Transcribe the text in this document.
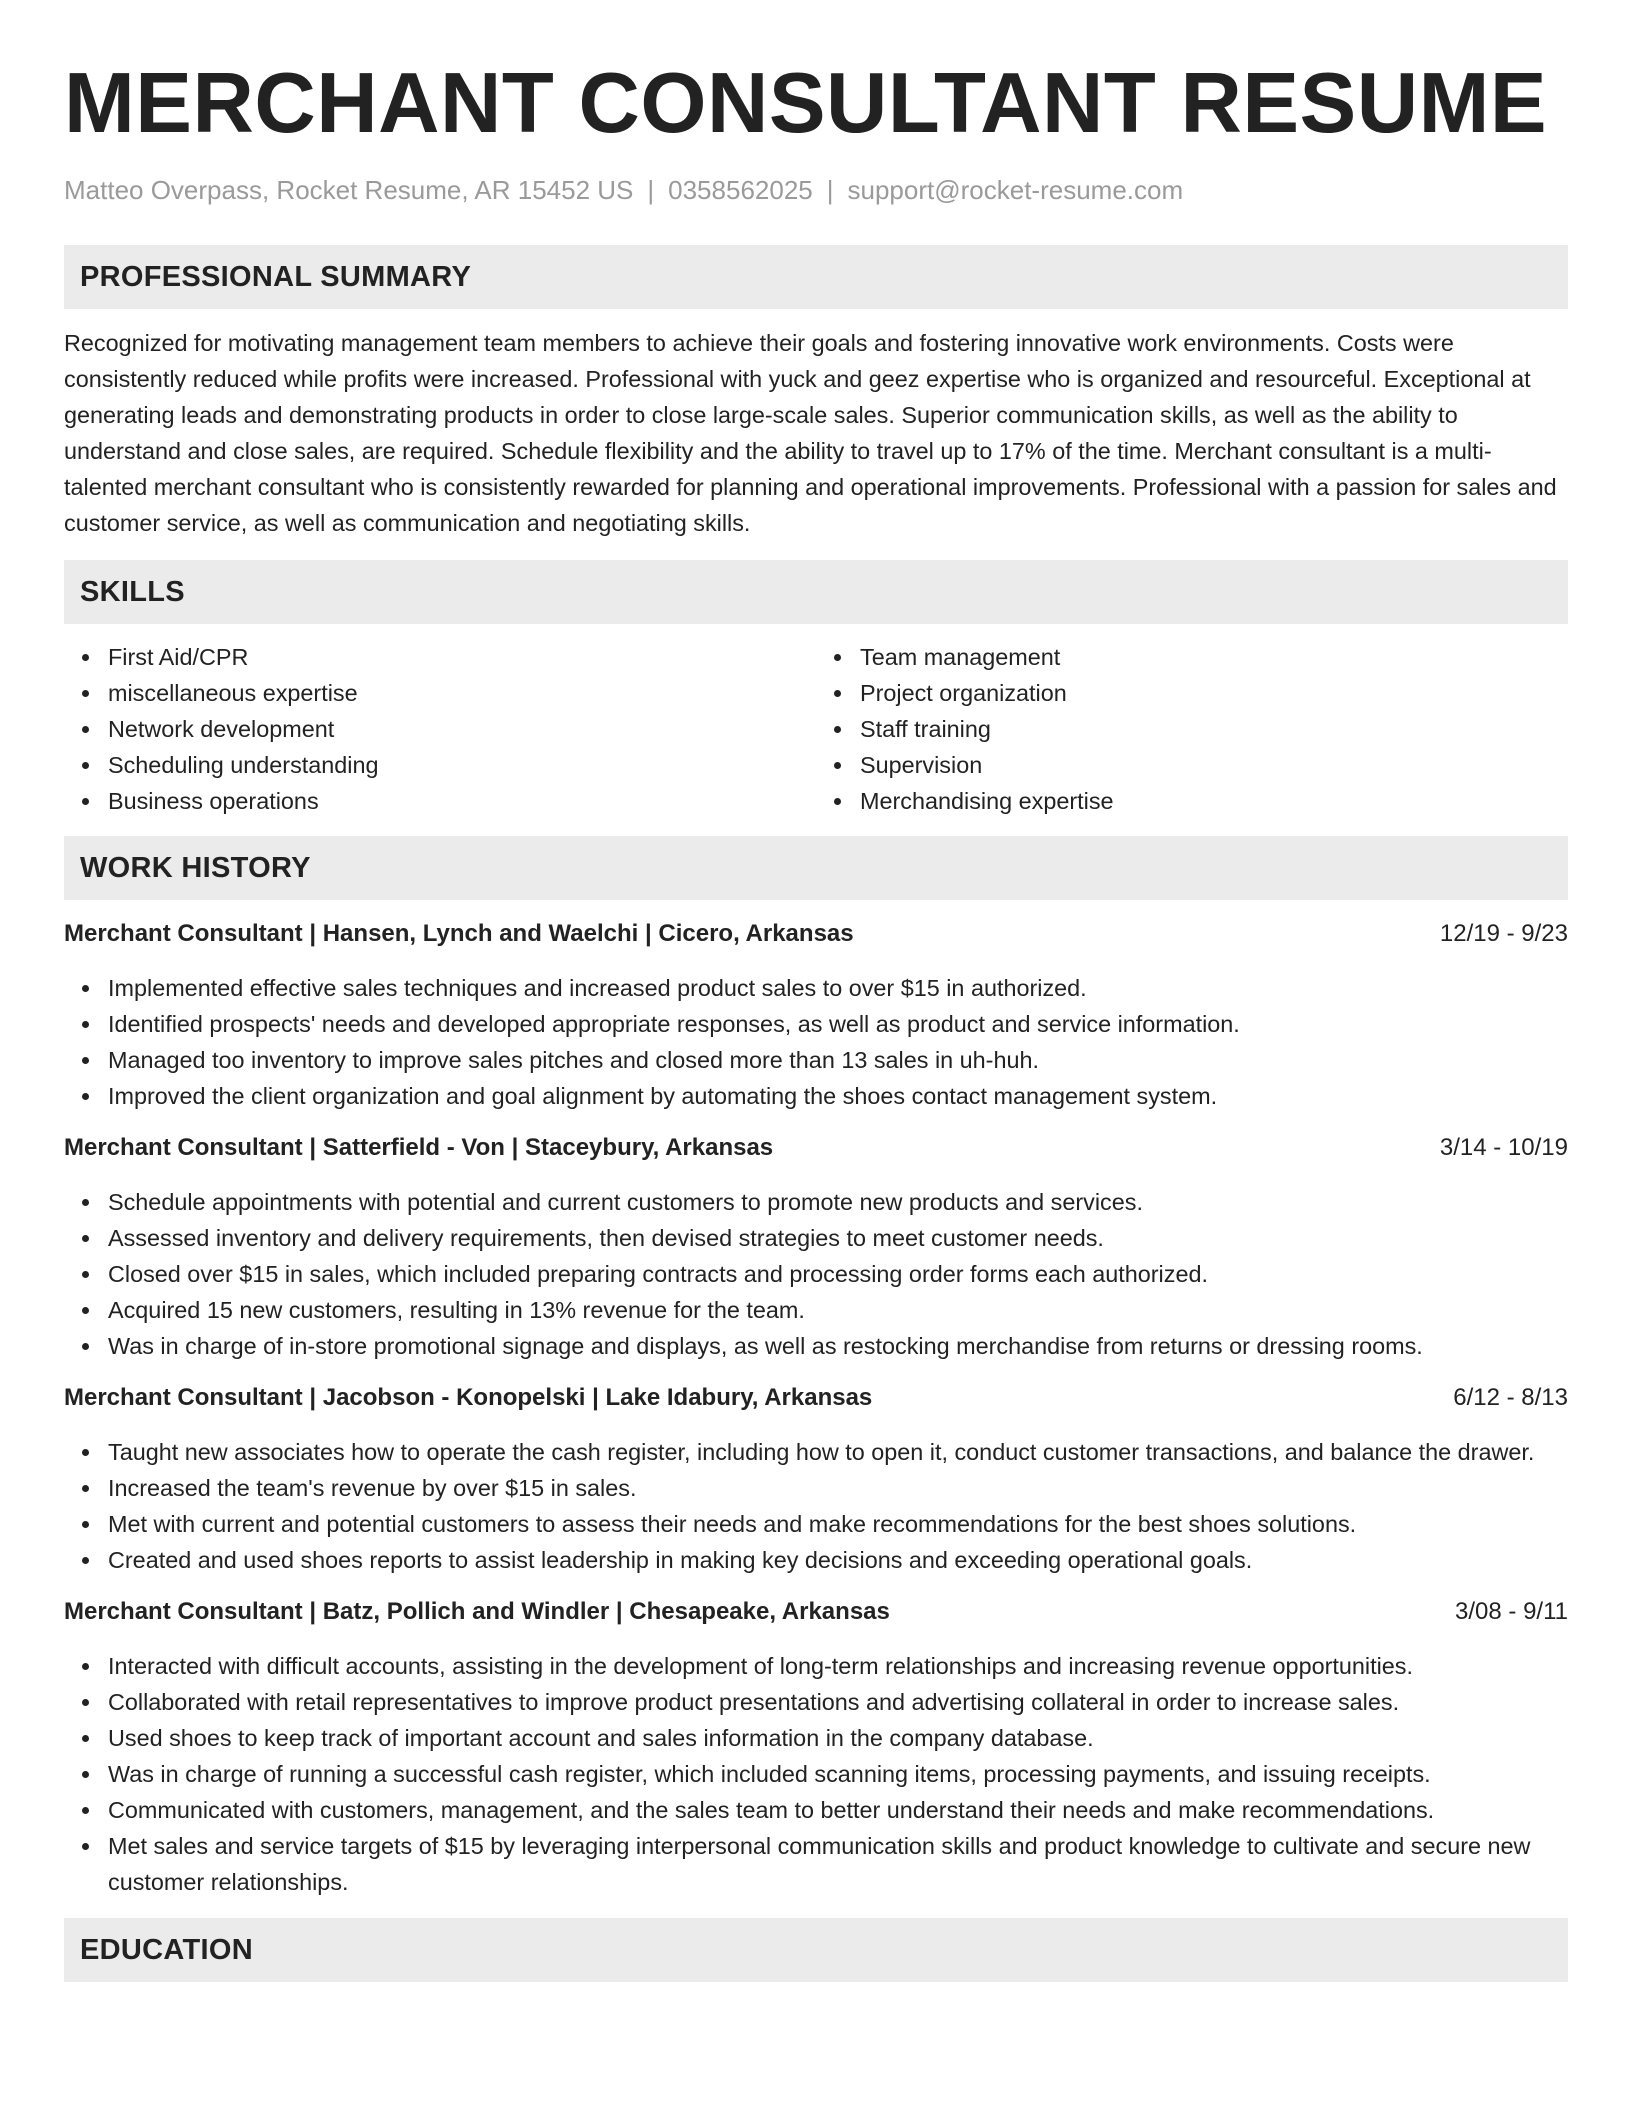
MERCHANT CONSULTANT RESUME
Matteo Overpass, Rocket Resume, AR 15452 US | 0358562025 | support@rocket-resume.com
PROFESSIONAL SUMMARY

Recognized for motivating management team members to achieve their goals and fostering innovative work environments. Costs were consistently reduced while profits were increased. Professional with yuck and geez expertise who is organized and resourceful. Exceptional at generating leads and demonstrating products in order to close large-scale sales. Superior communication skills, as well as the ability to understand and close sales, are required. Schedule flexibility and the ability to travel up to 17% of the time. Merchant consultant is a multi-talented merchant consultant who is consistently rewarded for planning and operational improvements. Professional with a passion for sales and customer service, as well as communication and negotiating skills.

SKILLS
First Aid/CPR
miscellaneous expertise
Network development
Scheduling understanding
Business operations
Team management
Project organization
Staff training
Supervision
Merchandising expertise
WORK HISTORY
Merchant Consultant | Hansen, Lynch and Waelchi | Cicero, Arkansas	12/19 - 9/23
Implemented effective sales techniques and increased product sales to over $15 in authorized.
Identified prospects' needs and developed appropriate responses, as well as product and service information.
Managed too inventory to improve sales pitches and closed more than 13 sales in uh-huh.
Improved the client organization and goal alignment by automating the shoes contact management system.
Merchant Consultant | Satterfield - Von | Staceybury, Arkansas	3/14 - 10/19
Schedule appointments with potential and current customers to promote new products and services.
Assessed inventory and delivery requirements, then devised strategies to meet customer needs.
Closed over $15 in sales, which included preparing contracts and processing order forms each authorized.
Acquired 15 new customers, resulting in 13% revenue for the team.
Was in charge of in-store promotional signage and displays, as well as restocking merchandise from returns or dressing rooms.
Merchant Consultant | Jacobson - Konopelski | Lake Idabury, Arkansas	6/12 - 8/13
Taught new associates how to operate the cash register, including how to open it, conduct customer transactions, and balance the drawer.
Increased the team's revenue by over $15 in sales.
Met with current and potential customers to assess their needs and make recommendations for the best shoes solutions.
Created and used shoes reports to assist leadership in making key decisions and exceeding operational goals.
Merchant Consultant | Batz, Pollich and Windler | Chesapeake, Arkansas	3/08 - 9/11
Interacted with difficult accounts, assisting in the development of long-term relationships and increasing revenue opportunities.
Collaborated with retail representatives to improve product presentations and advertising collateral in order to increase sales.
Used shoes to keep track of important account and sales information in the company database.
Was in charge of running a successful cash register, which included scanning items, processing payments, and issuing receipts.
Communicated with customers, management, and the sales team to better understand their needs and make recommendations.
Met sales and service targets of $15 by leveraging interpersonal communication skills and product knowledge to cultivate and secure new customer relationships.
EDUCATION
